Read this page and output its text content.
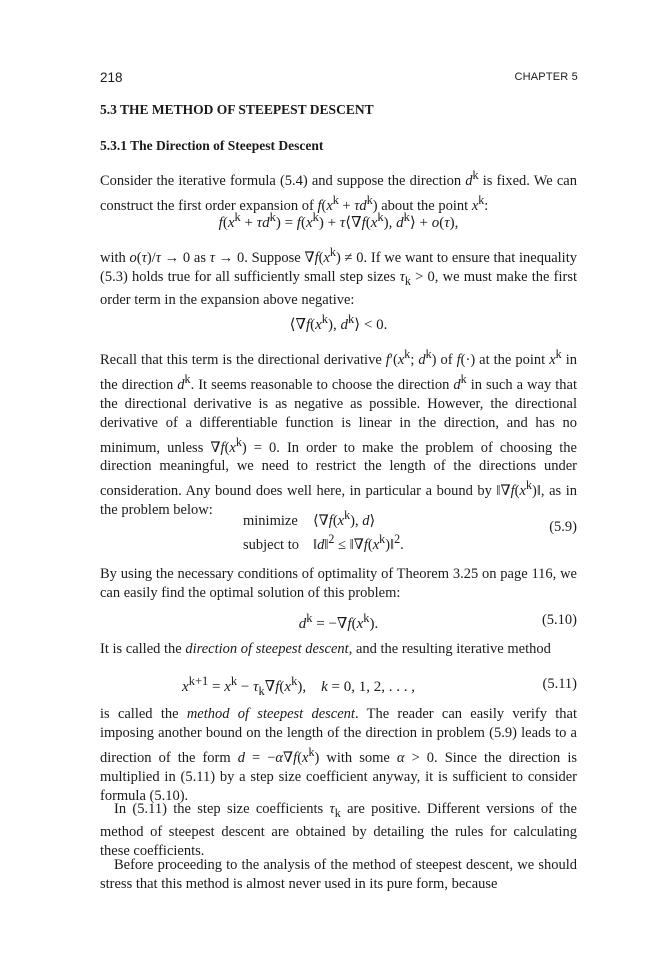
218	CHAPTER 5
5.3 THE METHOD OF STEEPEST DESCENT
5.3.1 The Direction of Steepest Descent

Consider the iterative formula (5.4) and suppose the direction $d^k$ is fixed. We can construct the first order expansion of $f(x^k + \tau d^k)$ about the point $x^k$:

$f(x^k + \tau d^k) = f(x^k)$ + $\tau⟨\nabla f(x^k)$, $d^k⟩ + o(\tau)$,

with o(τ)/τ → 0 as τ → 0. Suppose $\nabla f(x^k) \ne 0$. If we want to ensure that inequality (5.3) holds true for all sufficiently small step sizes $\tau_k > 0$, we must make the first order term in the expansion above negative:

$⟨\nabla f(x^k)$, $d^k⟩ < 0$.

Recall that this term is the directional derivative $f'(x^k$; $d^k$) of f(·) at the point $x^k$ in the direction $d^k$. It seems reasonable to choose the direction $d^k$ in such a way that the directional derivative is as negative as possible. However, the directional derivative of a differentiable function is linear in the direction, and has no minimum, unless $\nabla f(x^k) = 0$. In order to make the problem of choosing the direction meaningful, we need to restrict the length of the directions under consideration. Any bound does well here, in particular a bound by $‖\nabla f(x^k)‖$, as in the problem below:

minimize $⟨\nabla f(x^k)$, d⟩
subject to ‖d‖$^2$ ≤ $‖\nabla f(x^k)‖^2$.
(5.9)

By using the necessary conditions of optimality of Theorem 3.25 on page 116, we can easily find the optimal solution of this problem:

$d^k = -\nabla f(x^k)$.	(5.10)

It is called the direction of steepest descent, and the resulting iterative method

$x^{k+1} = x^k - \tau_k\nabla f(x^k)$,    k = 0, 1, 2, . . . ,	(5.11)

is called the method of steepest descent. The reader can easily verify that imposing another bound on the length of the direction in problem (5.9) leads to a direction of the form $d = -\alpha\nabla f(x^k)$ with some α > 0. Since the direction is multiplied in (5.11) by a step size coefficient anyway, it is sufficient to consider formula (5.10).

In (5.11) the step size coefficients $\tau_k$ are positive. Different versions of the method of steepest descent are obtained by detailing the rules for calculating these coefficients.

Before proceeding to the analysis of the method of steepest descent, we should stress that this method is almost never used in its pure form, because
